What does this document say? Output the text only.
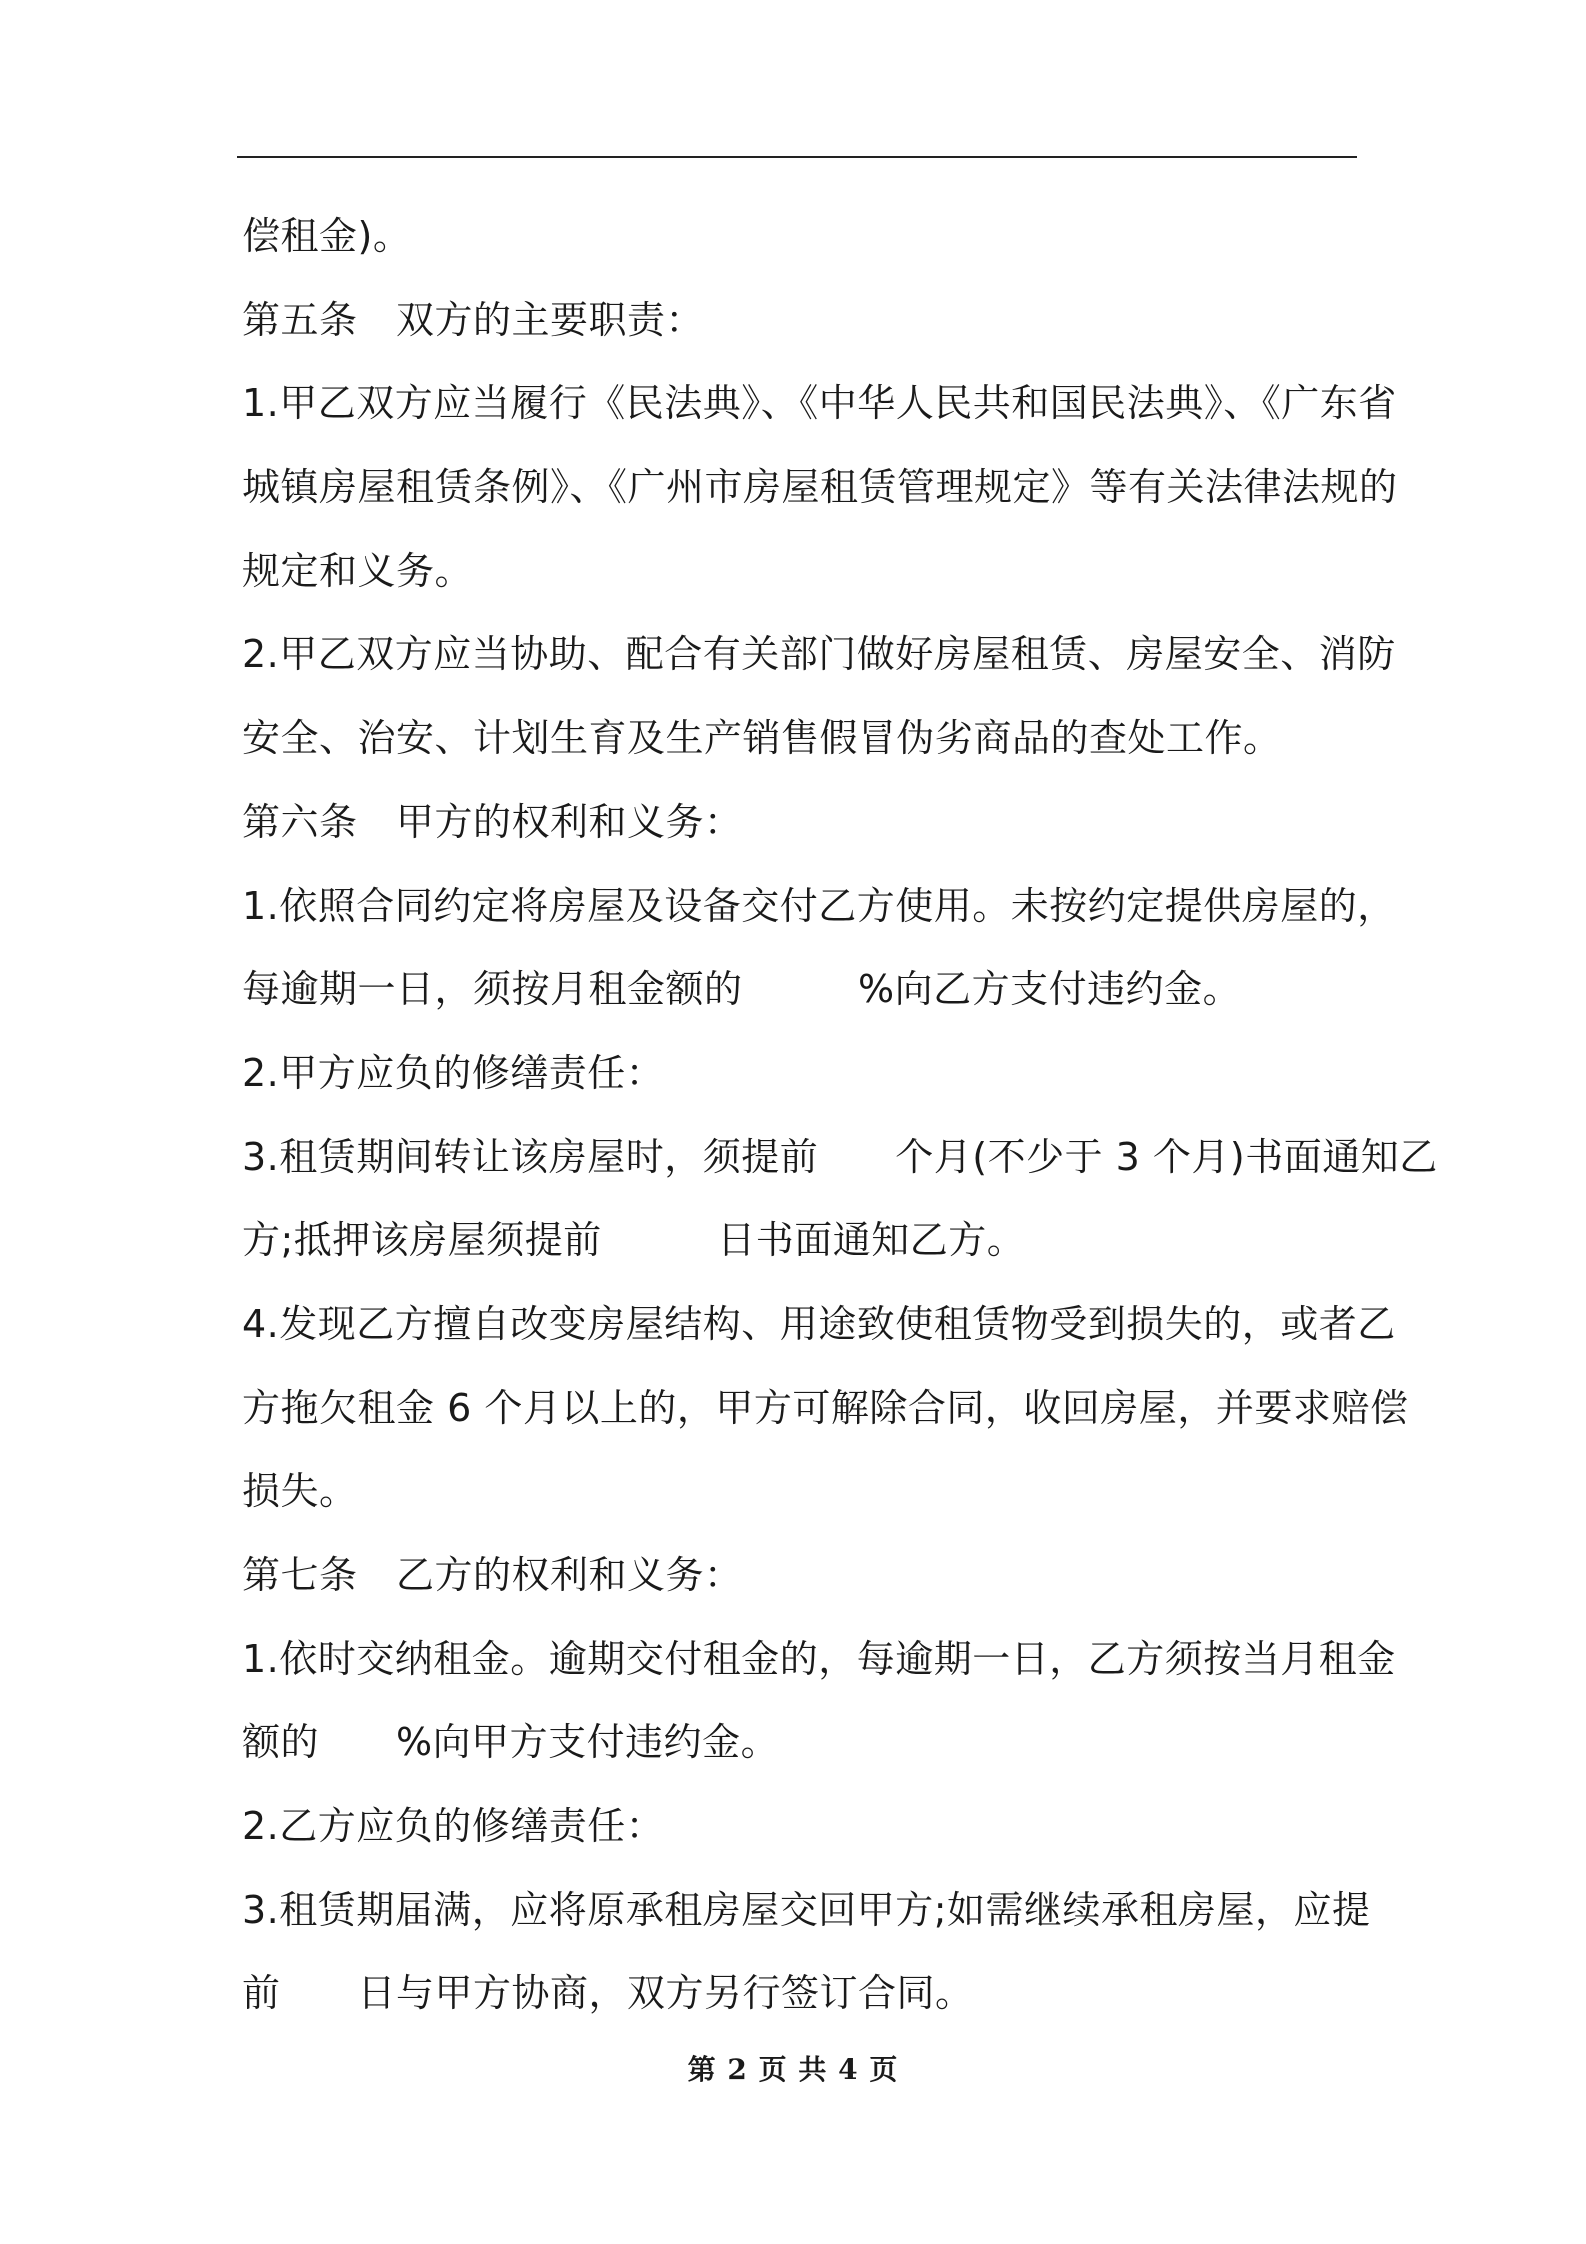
偿租金)。
第五条　双方的主要职责：
1.甲乙双方应当履行《民法典》、《中华人民共和国民法典》、《广东省
城镇房屋租赁条例》、《广州市房屋租赁管理规定》等有关法律法规的
规定和义务。
2.甲乙双方应当协助、配合有关部门做好房屋租赁、房屋安全、消防
安全、治安、计划生育及生产销售假冒伪劣商品的查处工作。
第六条　甲方的权利和义务：
1.依照合同约定将房屋及设备交付乙方使用。未按约定提供房屋的，
每逾期一日，须按月租金额的　　　%向乙方支付违约金。
2.甲方应负的修缮责任：
3.租赁期间转让该房屋时，须提前　　个月(不少于 3 个月)书面通知乙
方;抵押该房屋须提前　　　日书面通知乙方。
4.发现乙方擅自改变房屋结构、用途致使租赁物受到损失的，或者乙
方拖欠租金 6 个月以上的，甲方可解除合同，收回房屋，并要求赔偿
损失。
第七条　乙方的权利和义务：
1.依时交纳租金。逾期交付租金的，每逾期一日，乙方须按当月租金
额的　　%向甲方支付违约金。
2.乙方应负的修缮责任：
3.租赁期届满，应将原承租房屋交回甲方;如需继续承租房屋，应提
前　　日与甲方协商，双方另行签订合同。
第 2 页 共 4 页
